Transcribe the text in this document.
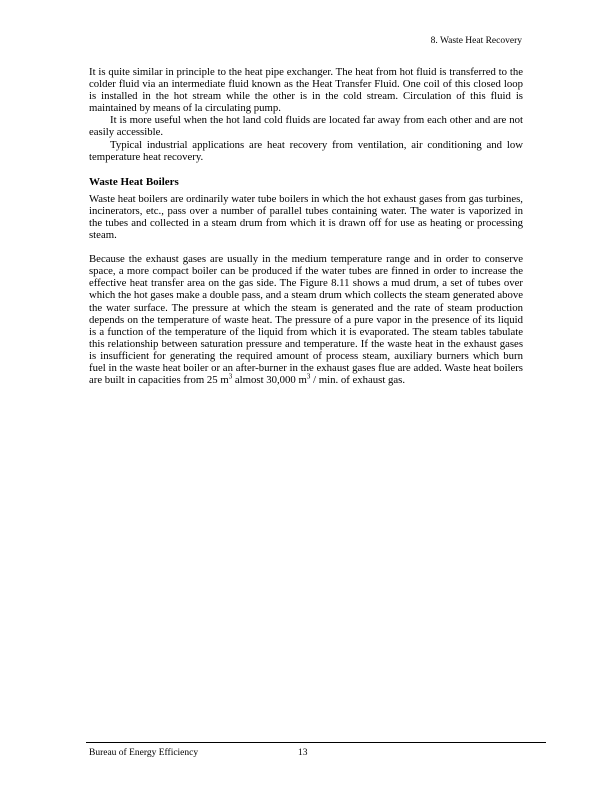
8. Waste Heat Recovery

It is quite similar in principle to the heat pipe exchanger. The heat from hot fluid is transferred to the colder fluid via an intermediate fluid known as the Heat Transfer Fluid. One coil of this closed loop is installed in the hot stream while the other is in the cold stream. Circulation of this fluid is maintained by means of la circulating pump.

It is more useful when the hot land cold fluids are located far away from each other and are not easily accessible.

Typical industrial applications are heat recovery from ventilation, air conditioning and low temperature heat recovery.

Waste Heat Boilers

Waste heat boilers are ordinarily water tube boilers in which the hot exhaust gases from gas turbines, incinerators, etc., pass over a number of parallel tubes containing water. The water is vaporized in the tubes and collected in a steam drum from which it is drawn off for use as heating or processing steam.

Because the exhaust gases are usually in the medium temperature range and in order to conserve space, a more compact boiler can be produced if the water tubes are finned in order to increase the effective heat transfer area on the gas side. The Figure 8.11 shows a mud drum, a set of tubes over which the hot gases make a double pass, and a steam drum which collects the steam generated above the water surface. The pressure at which the steam is generated and the rate of steam production depends on the temperature of waste heat. The pressure of a pure vapor in the presence of its liquid is a function of the temperature of the liquid from which it is evaporated. The steam tables tabulate this relationship between saturation pressure and temperature. If the waste heat in the exhaust gases is insufficient for generating the required amount of process steam, auxiliary burners which burn fuel in the waste heat boiler or an after-burner in the exhaust gases flue are added. Waste heat boilers are built in capacities from 25 $m^3$ almost 30,000 $m^3$ / min. of exhaust gas.

Bureau of Energy Efficiency	13
